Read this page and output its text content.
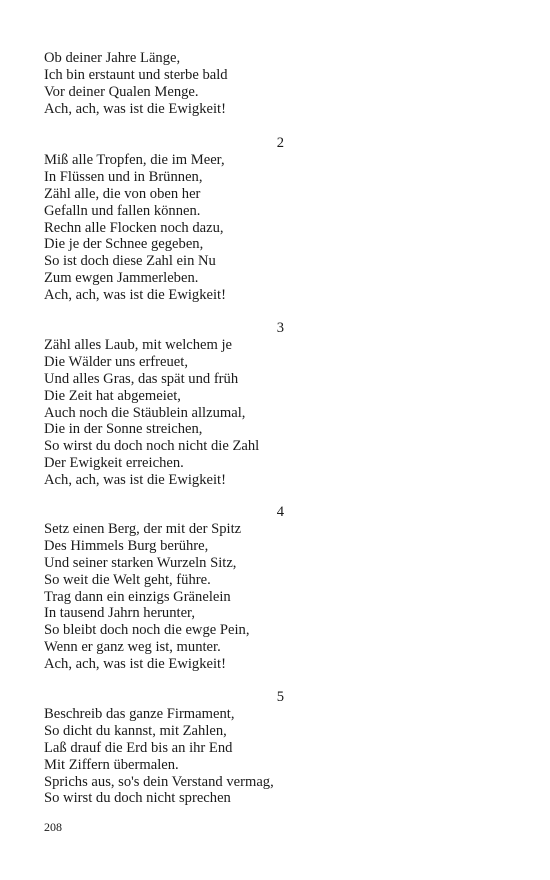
Ob deiner Jahre Länge,
Ich bin erstaunt und sterbe bald
Vor deiner Qualen Menge.
Ach, ach, was ist die Ewigkeit!
2
Miß alle Tropfen, die im Meer,
In Flüssen und in Brünnen,
Zähl alle, die von oben her
Gefalln und fallen können.
Rechn alle Flocken noch dazu,
Die je der Schnee gegeben,
So ist doch diese Zahl ein Nu
Zum ewgen Jammerleben.
Ach, ach, was ist die Ewigkeit!
3
Zähl alles Laub, mit welchem je
Die Wälder uns erfreuet,
Und alles Gras, das spät und früh
Die Zeit hat abgemeiet,
Auch noch die Stäublein allzumal,
Die in der Sonne streichen,
So wirst du doch noch nicht die Zahl
Der Ewigkeit erreichen.
Ach, ach, was ist die Ewigkeit!
4
Setz einen Berg, der mit der Spitz
Des Himmels Burg berühre,
Und seiner starken Wurzeln Sitz,
So weit die Welt geht, führe.
Trag dann ein einzigs Gränelein
In tausend Jahrn herunter,
So bleibt doch noch die ewge Pein,
Wenn er ganz weg ist, munter.
Ach, ach, was ist die Ewigkeit!
5
Beschreib das ganze Firmament,
So dicht du kannst, mit Zahlen,
Laß drauf die Erd bis an ihr End
Mit Ziffern übermalen.
Sprichs aus, so's dein Verstand vermag,
So wirst du doch nicht sprechen
208
